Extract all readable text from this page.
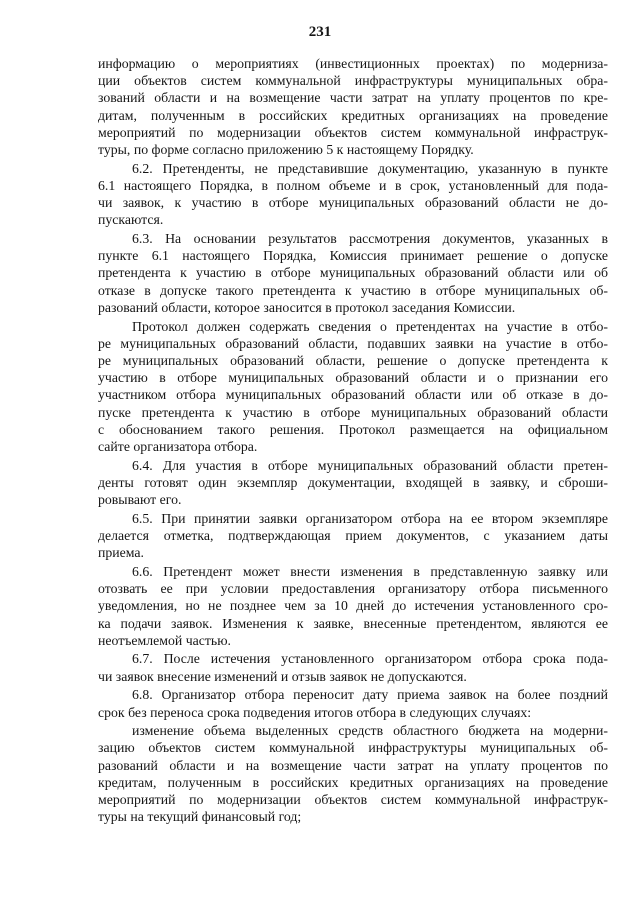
231
информацию о мероприятиях (инвестиционных проектах) по модерниза-
ции объектов систем коммунальной инфраструктуры муниципальных обра-
зований области и на возмещение части затрат на уплату процентов по кре-
дитам, полученным в российских кредитных организациях на проведение
мероприятий по модернизации объектов систем коммунальной инфраструк-
туры, по форме согласно приложению 5 к настоящему Порядку.
6.2. Претенденты, не представившие документацию, указанную в пункте
6.1 настоящего Порядка, в полном объеме и в срок, установленный для пода-
чи заявок, к участию в отборе муниципальных образований области не до-
пускаются.
6.3. На основании результатов рассмотрения документов, указанных в
пункте 6.1 настоящего Порядка, Комиссия принимает решение о допуске
претендента к участию в отборе муниципальных образований области или об
отказе в допуске такого претендента к участию в отборе муниципальных об-
разований области, которое заносится в протокол заседания Комиссии.
Протокол должен содержать сведения о претендентах на участие в отбо-
ре муниципальных образований области, подавших заявки на участие в отбо-
ре муниципальных образований области, решение о допуске претендента к
участию в отборе муниципальных образований области и о признании его
участником отбора муниципальных образований области или об отказе в до-
пуске претендента к участию в отборе муниципальных образований области
с обоснованием такого решения. Протокол размещается на официальном
сайте организатора отбора.
6.4. Для участия в отборе муниципальных образований области претен-
денты готовят один экземпляр документации, входящей в заявку, и сброши-
ровывают его.
6.5. При принятии заявки организатором отбора на ее втором экземпляре
делается отметка, подтверждающая прием документов, с указанием даты
приема.
6.6. Претендент может внести изменения в представленную заявку или
отозвать ее при условии предоставления организатору отбора письменного
уведомления, но не позднее чем за 10 дней до истечения установленного сро-
ка подачи заявок. Изменения к заявке, внесенные претендентом, являются ее
неотъемлемой частью.
6.7. После истечения установленного организатором отбора срока пода-
чи заявок внесение изменений и отзыв заявок не допускаются.
6.8. Организатор отбора переносит дату приема заявок на более поздний
срок без переноса срока подведения итогов отбора в следующих случаях:
изменение объема выделенных средств областного бюджета на модерни-
зацию объектов систем коммунальной инфраструктуры муниципальных об-
разований области и на возмещение части затрат на уплату процентов по
кредитам, полученным в российских кредитных организациях на проведение
мероприятий по модернизации объектов систем коммунальной инфраструк-
туры на текущий финансовый год;
